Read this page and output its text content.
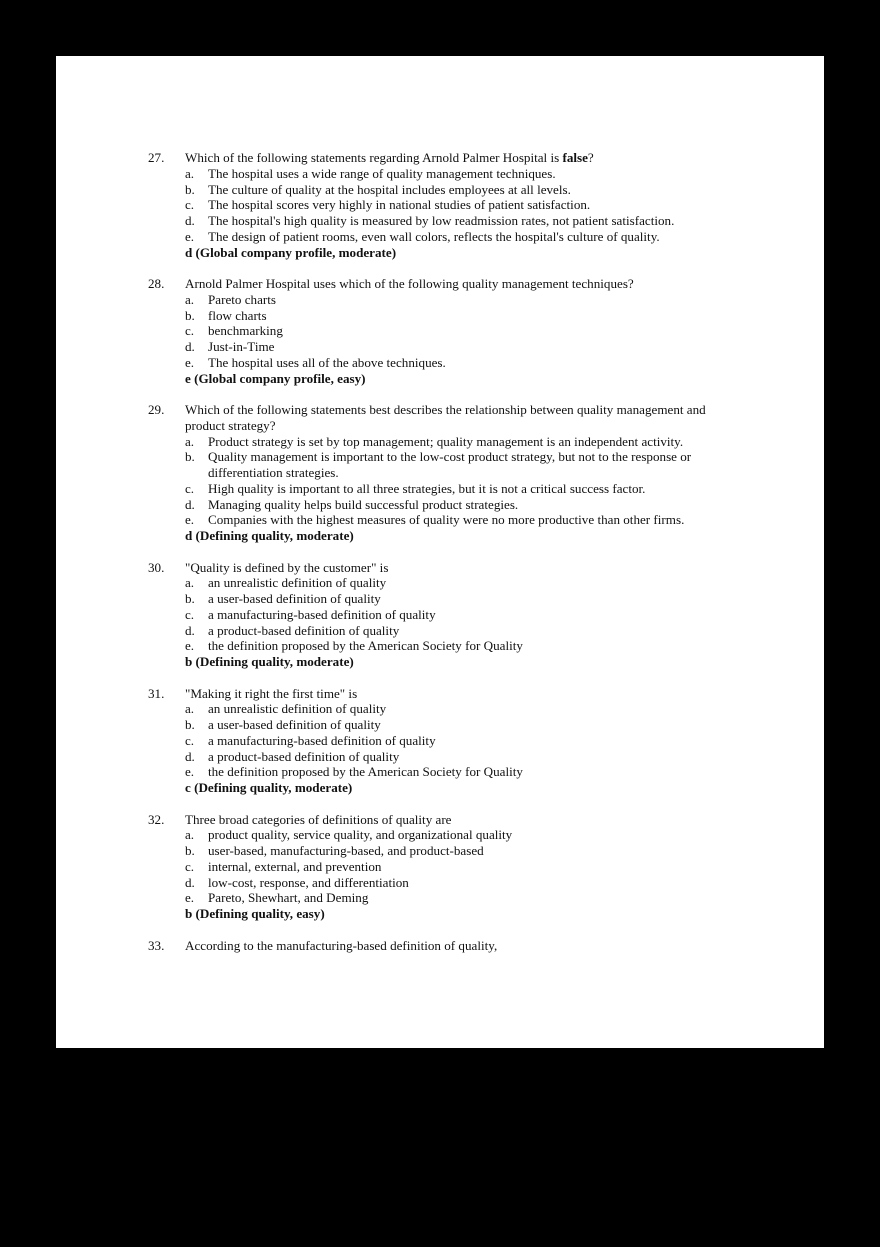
27. Which of the following statements regarding Arnold Palmer Hospital is false?
a. The hospital uses a wide range of quality management techniques.
b. The culture of quality at the hospital includes employees at all levels.
c. The hospital scores very highly in national studies of patient satisfaction.
d. The hospital's high quality is measured by low readmission rates, not patient satisfaction.
e. The design of patient rooms, even wall colors, reflects the hospital's culture of quality.
d (Global company profile, moderate)
28. Arnold Palmer Hospital uses which of the following quality management techniques?
a. Pareto charts
b. flow charts
c. benchmarking
d. Just-in-Time
e. The hospital uses all of the above techniques.
e (Global company profile, easy)
29. Which of the following statements best describes the relationship between quality management and product strategy?
a. Product strategy is set by top management; quality management is an independent activity.
b. Quality management is important to the low-cost product strategy, but not to the response or differentiation strategies.
c. High quality is important to all three strategies, but it is not a critical success factor.
d. Managing quality helps build successful product strategies.
e. Companies with the highest measures of quality were no more productive than other firms.
d (Defining quality, moderate)
30. "Quality is defined by the customer" is
a. an unrealistic definition of quality
b. a user-based definition of quality
c. a manufacturing-based definition of quality
d. a product-based definition of quality
e. the definition proposed by the American Society for Quality
b (Defining quality, moderate)
31. "Making it right the first time" is
a. an unrealistic definition of quality
b. a user-based definition of quality
c. a manufacturing-based definition of quality
d. a product-based definition of quality
e. the definition proposed by the American Society for Quality
c (Defining quality, moderate)
32. Three broad categories of definitions of quality are
a. product quality, service quality, and organizational quality
b. user-based, manufacturing-based, and product-based
c. internal, external, and prevention
d. low-cost, response, and differentiation
e. Pareto, Shewhart, and Deming
b (Defining quality, easy)
33. According to the manufacturing-based definition of quality,
